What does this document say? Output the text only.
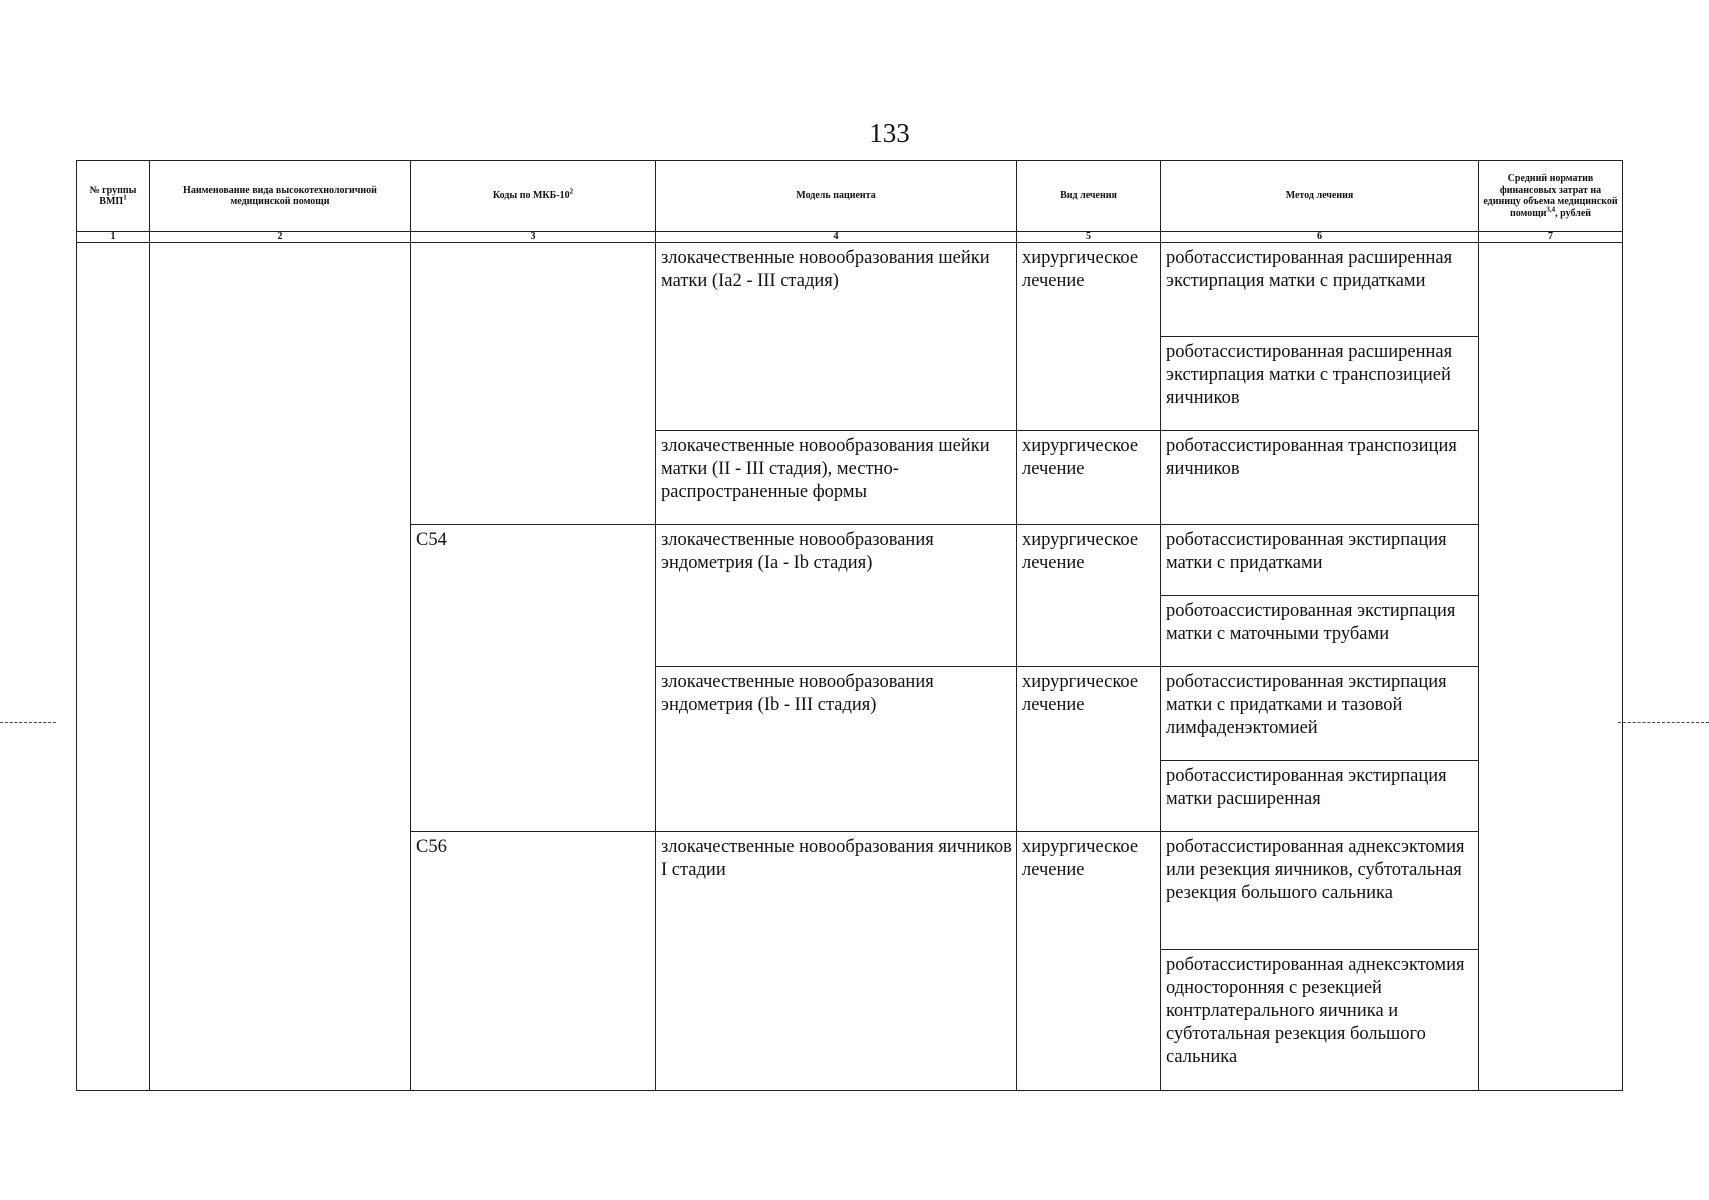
133
№ группы ВМП$^1$	Наименование вида высокотехнологичной медицинской помощи	Коды по МКБ-$10^2$	Модель пациента	Вид лечения	Метод лечения	Средний норматив финансовых затрат на единицу объема медицинской помощи$^{3,4}$, рублей
1	2	3	4	5	6	7
			злокачественные новообразования шейки матки (Ia2 - III стадия)	хирургическое лечение	роботассистированная расширенная экстирпация матки с придатками	
					роботассистированная расширенная экстирпация матки с транспозицией яичников	
			злокачественные новообразования шейки матки (II - III стадия), местно-распространенные формы	хирургическое лечение	роботассистированная транспозиция яичников	
		C54	злокачественные новообразования эндометрия (Ia - Ib стадия)	хирургическое лечение	роботассистированная экстирпация матки с придатками	
					роботоассистированная экстирпация матки с маточными трубами	
			злокачественные новообразования эндометрия (Ib - III стадия)	хирургическое лечение	роботассистированная экстирпация матки с придатками и тазовой лимфаденэктомией	
					роботассистированная экстирпация матки расширенная	
		C56	злокачественные новообразования яичников I стадии	хирургическое лечение	роботассистированная аднексэктомия или резекция яичников, субтотальная резекция большого сальника	
					роботассистированная аднексэктомия односторонняя с резекцией контрлатерального яичника и субтотальная резекция большого сальника	
